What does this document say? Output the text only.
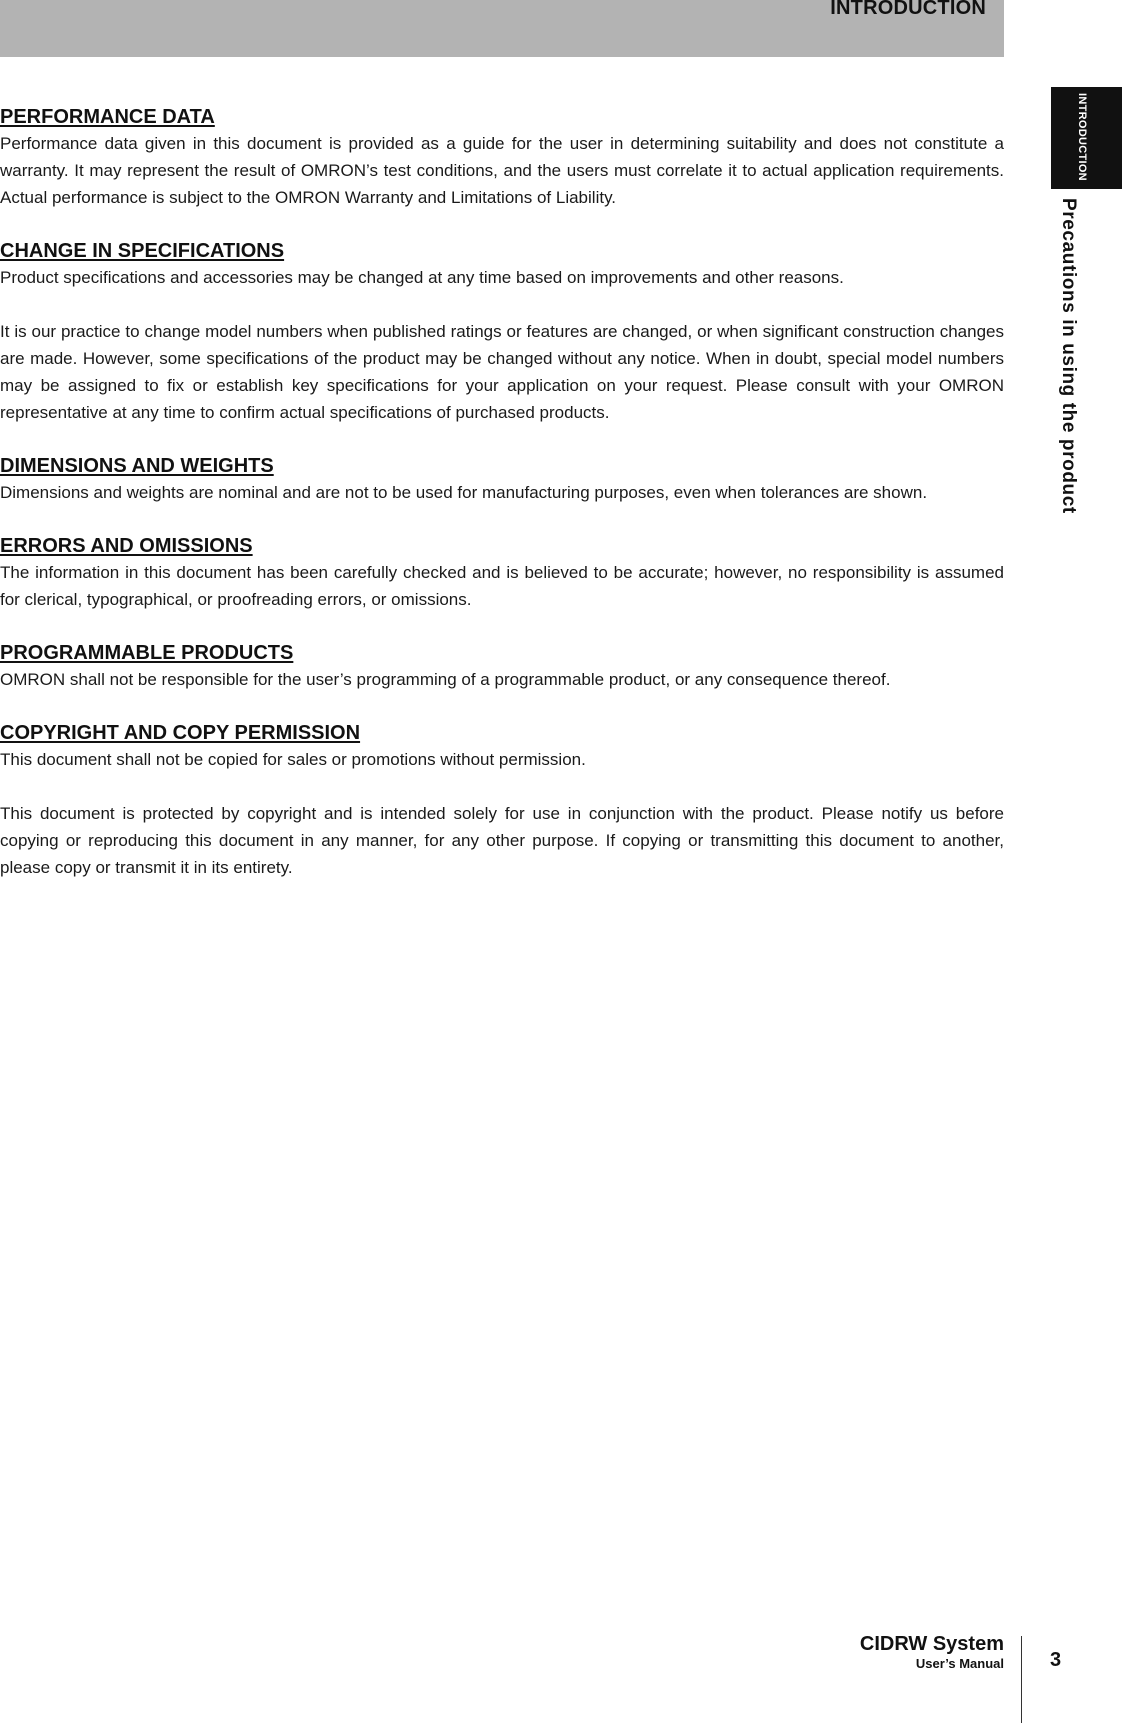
INTRODUCTION
INTRODUCTION
Precautions in using the product
PERFORMANCE DATA

Performance data given in this document is provided as a guide for the user in determining suitability and does not constitute a warranty. It may represent the result of OMRON’s test conditions, and the users must correlate it to actual application requirements. Actual performance is subject to the OMRON Warranty and Limitations of Liability.

CHANGE IN SPECIFICATIONS

Product specifications and accessories may be changed at any time based on improvements and other reasons.

It is our practice to change model numbers when published ratings or features are changed, or when significant construction changes are made. However, some specifications of the product may be changed without any notice. When in doubt, special model numbers may be assigned to fix or establish key specifications for your application on your request. Please consult with your OMRON representative at any time to confirm actual specifications of purchased products.

DIMENSIONS AND WEIGHTS

Dimensions and weights are nominal and are not to be used for manufacturing purposes, even when tolerances are shown.

ERRORS AND OMISSIONS

The information in this document has been carefully checked and is believed to be accurate; however, no responsibility is assumed for clerical, typographical, or proofreading errors, or omissions.

PROGRAMMABLE PRODUCTS

OMRON shall not be responsible for the user’s programming of a programmable product, or any consequence thereof.

COPYRIGHT AND COPY PERMISSION

This document shall not be copied for sales or promotions without permission.

This document is protected by copyright and is intended solely for use in conjunction with the product. Please notify us before copying or reproducing this document in any manner, for any other purpose. If copying or transmitting this document to another, please copy or transmit it in its entirety.

CIDRW System
User’s Manual 3
